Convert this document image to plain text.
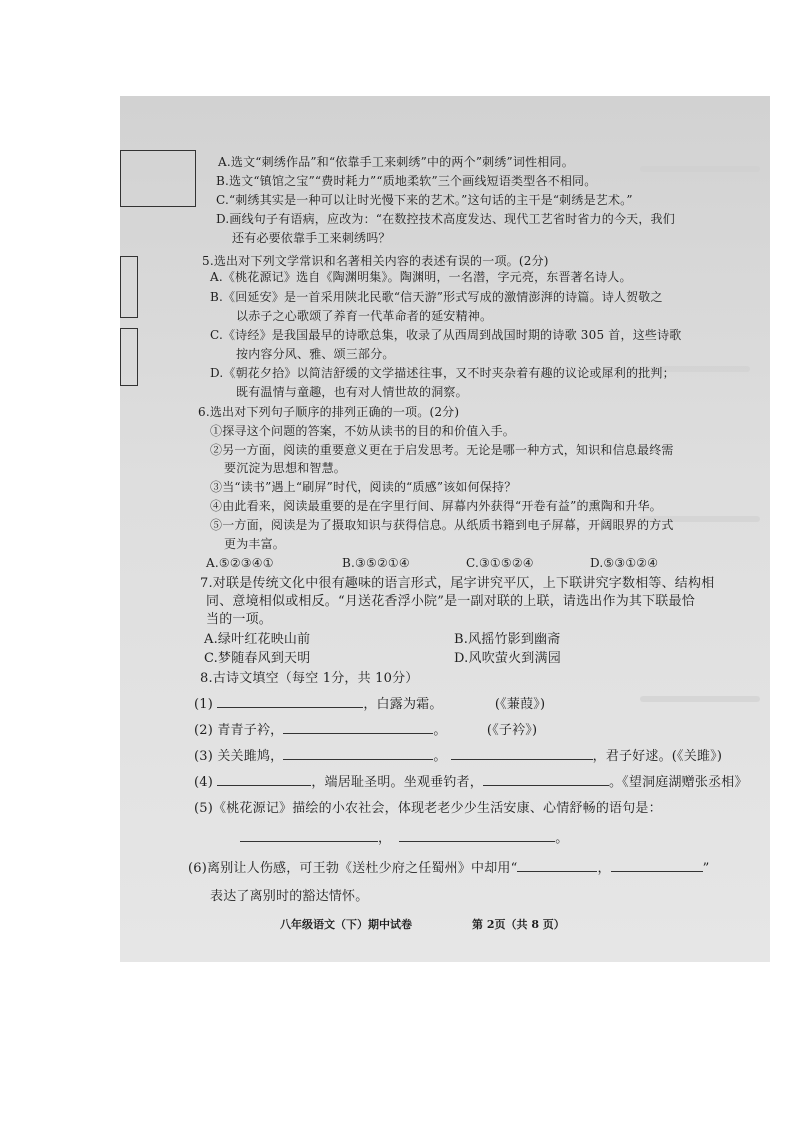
A.选文“刺绣作品”和“依靠手工来刺绣”中的两个”刺绣”词性相同。
B.选文“镇馆之宝”“费时耗力”“质地柔软”三个画线短语类型各不相同。
C.“刺绣其实是一种可以让时光慢下来的艺术。”这句话的主干是“刺绣是艺术。”
D.画线句子有语病，应改为：“在数控技术高度发达、现代工艺省时省力的今天，我们
还有必要依靠手工来刺绣吗？
5.选出对下列文学常识和名著相关内容的表述有误的一项。(2分)
A.《桃花源记》选自《陶渊明集》。陶渊明，一名潜，字元亮，东晋著名诗人。
B.《回延安》是一首采用陕北民歌“信天游”形式写成的激情澎湃的诗篇。诗人贺敬之
以赤子之心歌颂了养育一代革命者的延安精神。
C.《诗经》是我国最早的诗歌总集，收录了从西周到战国时期的诗歌 305 首，这些诗歌
按内容分风、雅、颂三部分。
D.《朝花夕拾》以简洁舒缓的文学描述往事，又不时夹杂着有趣的议论或犀利的批判；
既有温情与童趣，也有对人情世故的洞察。
6.选出对下列句子顺序的排列正确的一项。(2分)
①探寻这个问题的答案，不妨从读书的目的和价值入手。
②另一方面，阅读的重要意义更在于启发思考。无论是哪一种方式，知识和信息最终需
要沉淀为思想和智慧。
③当“读书”遇上“刷屏”时代，阅读的“质感”该如何保持？
④由此看来，阅读最重要的是在字里行间、屏幕内外获得“开卷有益”的熏陶和升华。
⑤一方面，阅读是为了摄取知识与获得信息。从纸质书籍到电子屏幕，开阔眼界的方式
更为丰富。
A.⑤②③④①	B.③⑤②①④	C.③①⑤②④	D.⑤③①②④
7.对联是传统文化中很有趣味的语言形式，尾字讲究平仄，上下联讲究字数相等、结构相
同、意境相似或相反。“月送花香浮小院”是一副对联的上联，请选出作为其下联最恰
当的一项。
A.绿叶红花映山前	B.风摇竹影到幽斋
C.梦随春风到天明	D.风吹萤火到满园
8.古诗文填空（每空 1分，共 10分）
(1)	，白露为霜。	(《蒹葭》)
(2) 青青子衿，	。	(《子衿》)
(3) 关关雎鸠，	。	，君子好逑。(《关雎》)
(4)	，端居耻圣明。坐观垂钓者，	。《望洞庭湖赠张丞相》
(5)《桃花源记》描绘的小农社会，体现老老少少生活安康、心情舒畅的语句是：
，	。
(6)离别让人伤感，可王勃《送杜少府之任蜀州》中却用“	，	”
表达了离别时的豁达情怀。
八年级语文（下）期中试卷	第 2页（共 8 页）
